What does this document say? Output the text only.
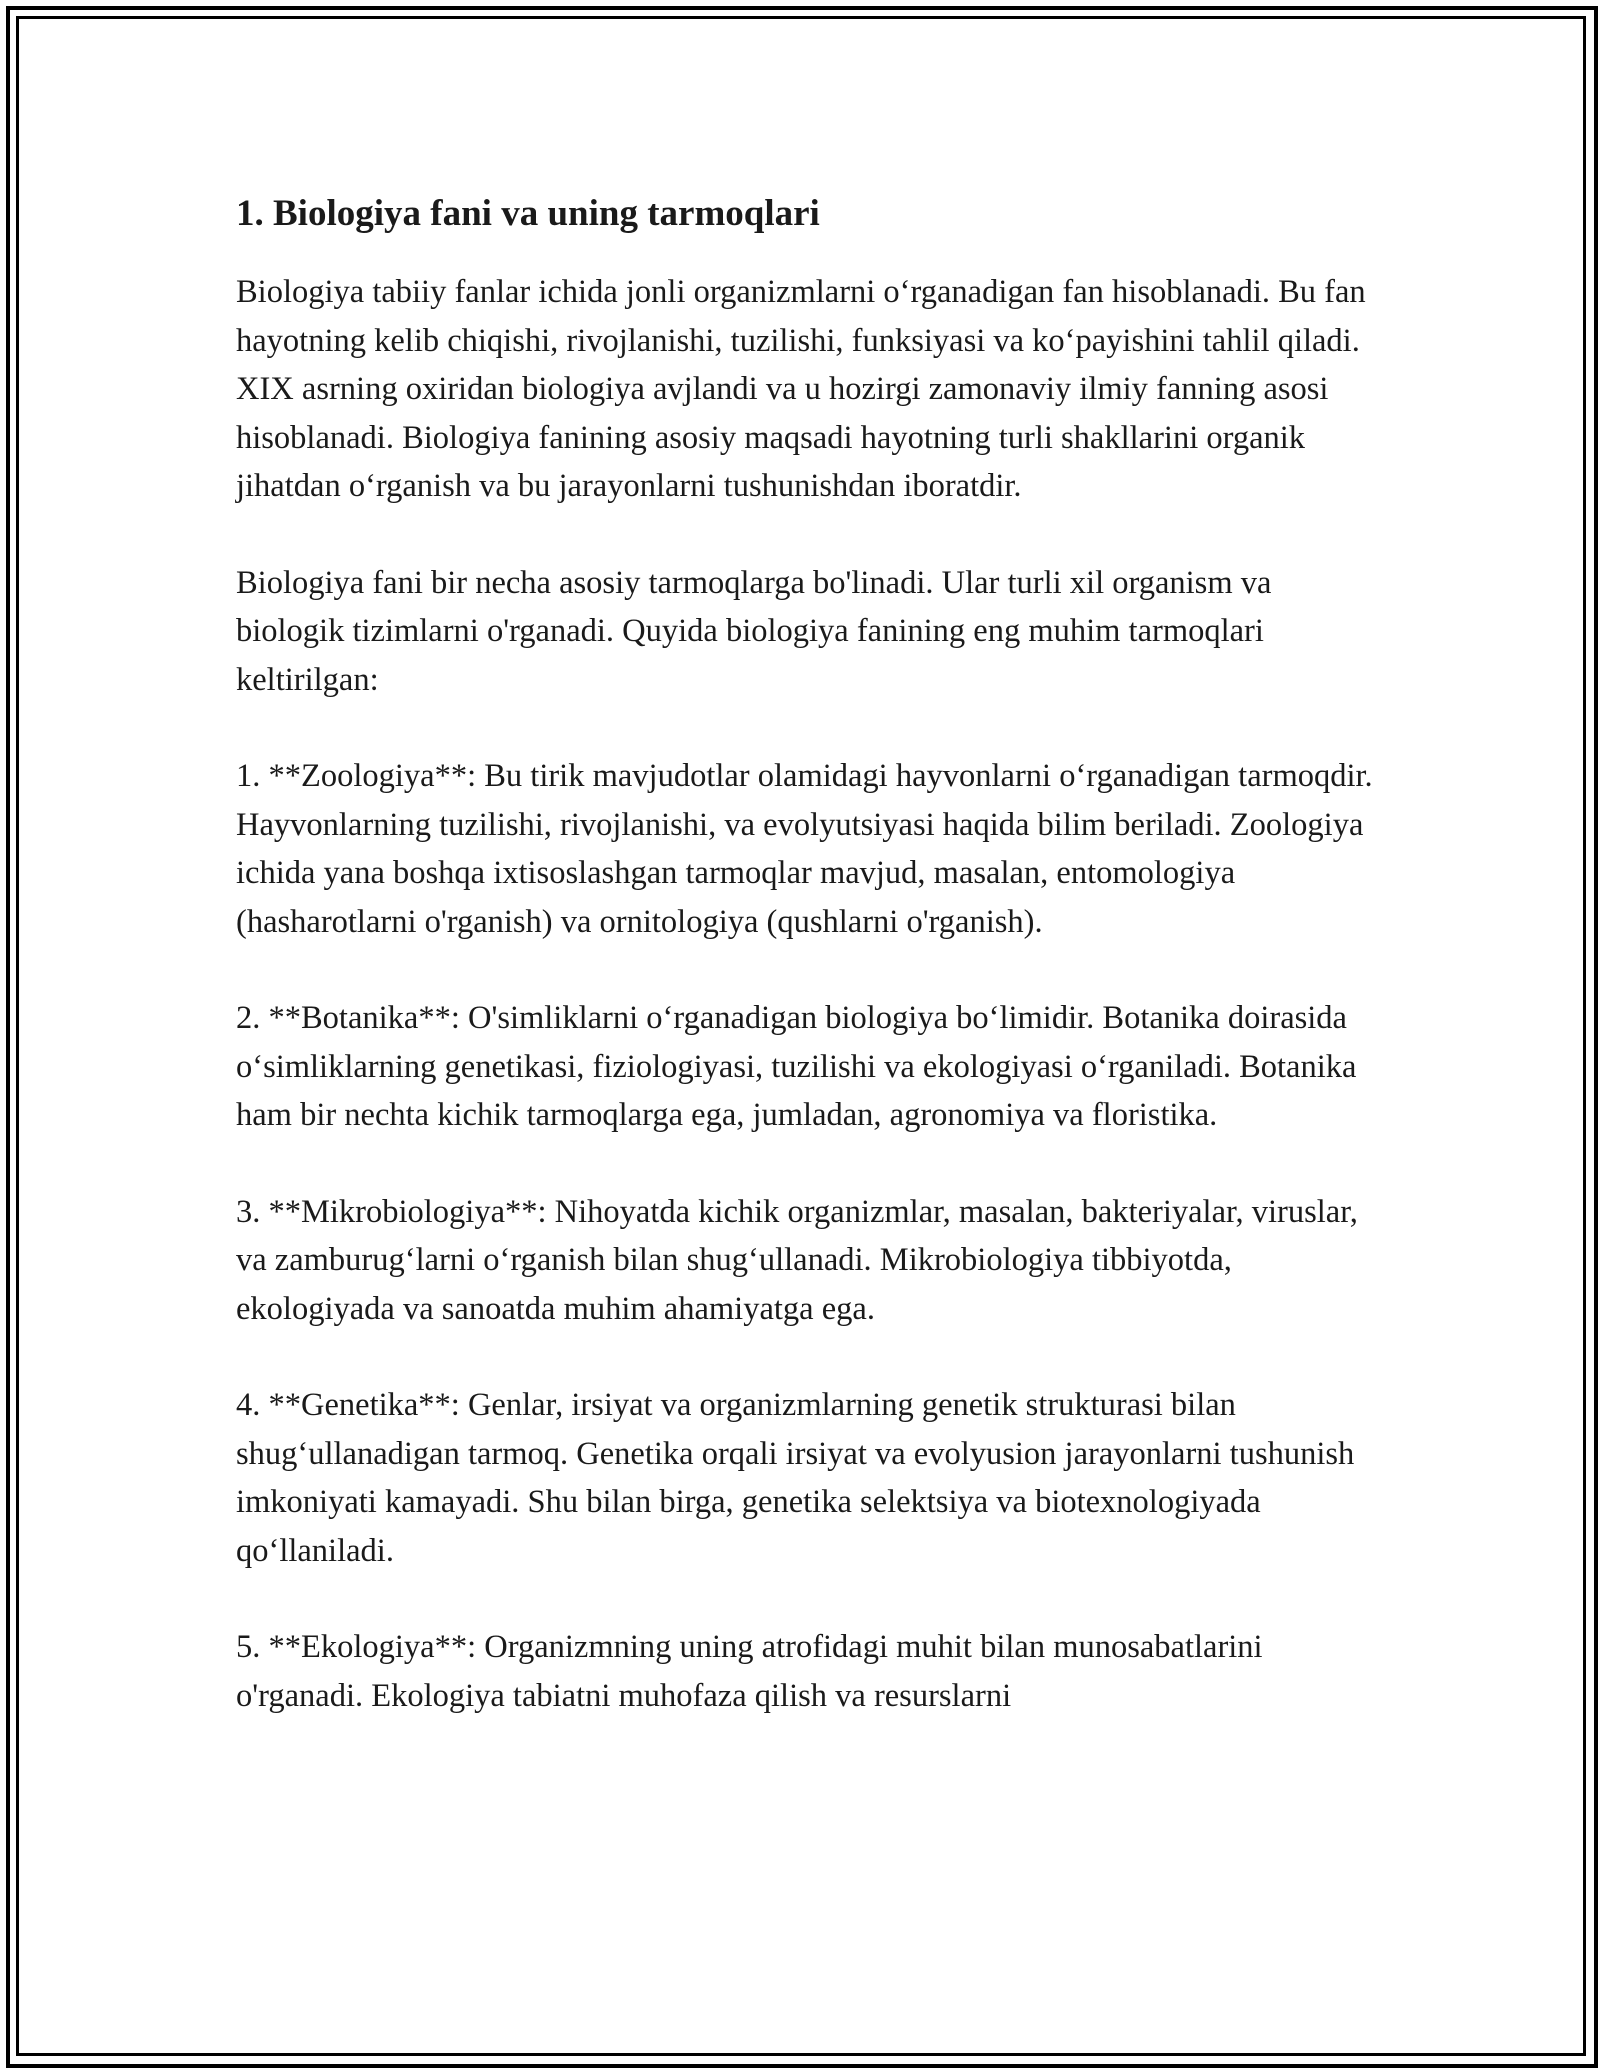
1. Biologiya fani va uning tarmoqlari

Biologiya tabiiy fanlar ichida jonli organizmlarni o‘rganadigan fan hisoblanadi. Bu fan hayotning kelib chiqishi, rivojlanishi, tuzilishi, funksiyasi va ko‘payishini tahlil qiladi. XIX asrning oxiridan biologiya avjlandi va u hozirgi zamonaviy ilmiy fanning asosi hisoblanadi. Biologiya fanining asosiy maqsadi hayotning turli shakllarini organik jihatdan o‘rganish va bu jarayonlarni tushunishdan iboratdir.

Biologiya fani bir necha asosiy tarmoqlarga bo'linadi. Ular turli xil organism va biologik tizimlarni o'rganadi. Quyida biologiya fanining eng muhim tarmoqlari keltirilgan:

1. **Zoologiya**: Bu tirik mavjudotlar olamidagi hayvonlarni o‘rganadigan tarmoqdir. Hayvonlarning tuzilishi, rivojlanishi, va evolyutsiyasi haqida bilim beriladi. Zoologiya ichida yana boshqa ixtisoslashgan tarmoqlar mavjud, masalan, entomologiya (hasharotlarni o'rganish) va ornitologiya (qushlarni o'rganish).

2. **Botanika**: O'simliklarni o‘rganadigan biologiya bo‘limidir. Botanika doirasida o‘simliklarning genetikasi, fiziologiyasi, tuzilishi va ekologiyasi o‘rganiladi. Botanika ham bir nechta kichik tarmoqlarga ega, jumladan, agronomiya va floristika.

3. **Mikrobiologiya**: Nihoyatda kichik organizmlar, masalan, bakteriyalar, viruslar, va zamburug‘larni o‘rganish bilan shug‘ullanadi. Mikrobiologiya tibbiyotda, ekologiyada va sanoatda muhim ahamiyatga ega.

4. **Genetika**: Genlar, irsiyat va organizmlarning genetik strukturasi bilan shug‘ullanadigan tarmoq. Genetika orqali irsiyat va evolyusion jarayonlarni tushunish imkoniyati kamayadi. Shu bilan birga, genetika selektsiya va biotexnologiyada qo‘llaniladi.

5. **Ekologiya**: Organizmning uning atrofidagi muhit bilan munosabatlarini o'rganadi. Ekologiya tabiatni muhofaza qilish va resurslarni
